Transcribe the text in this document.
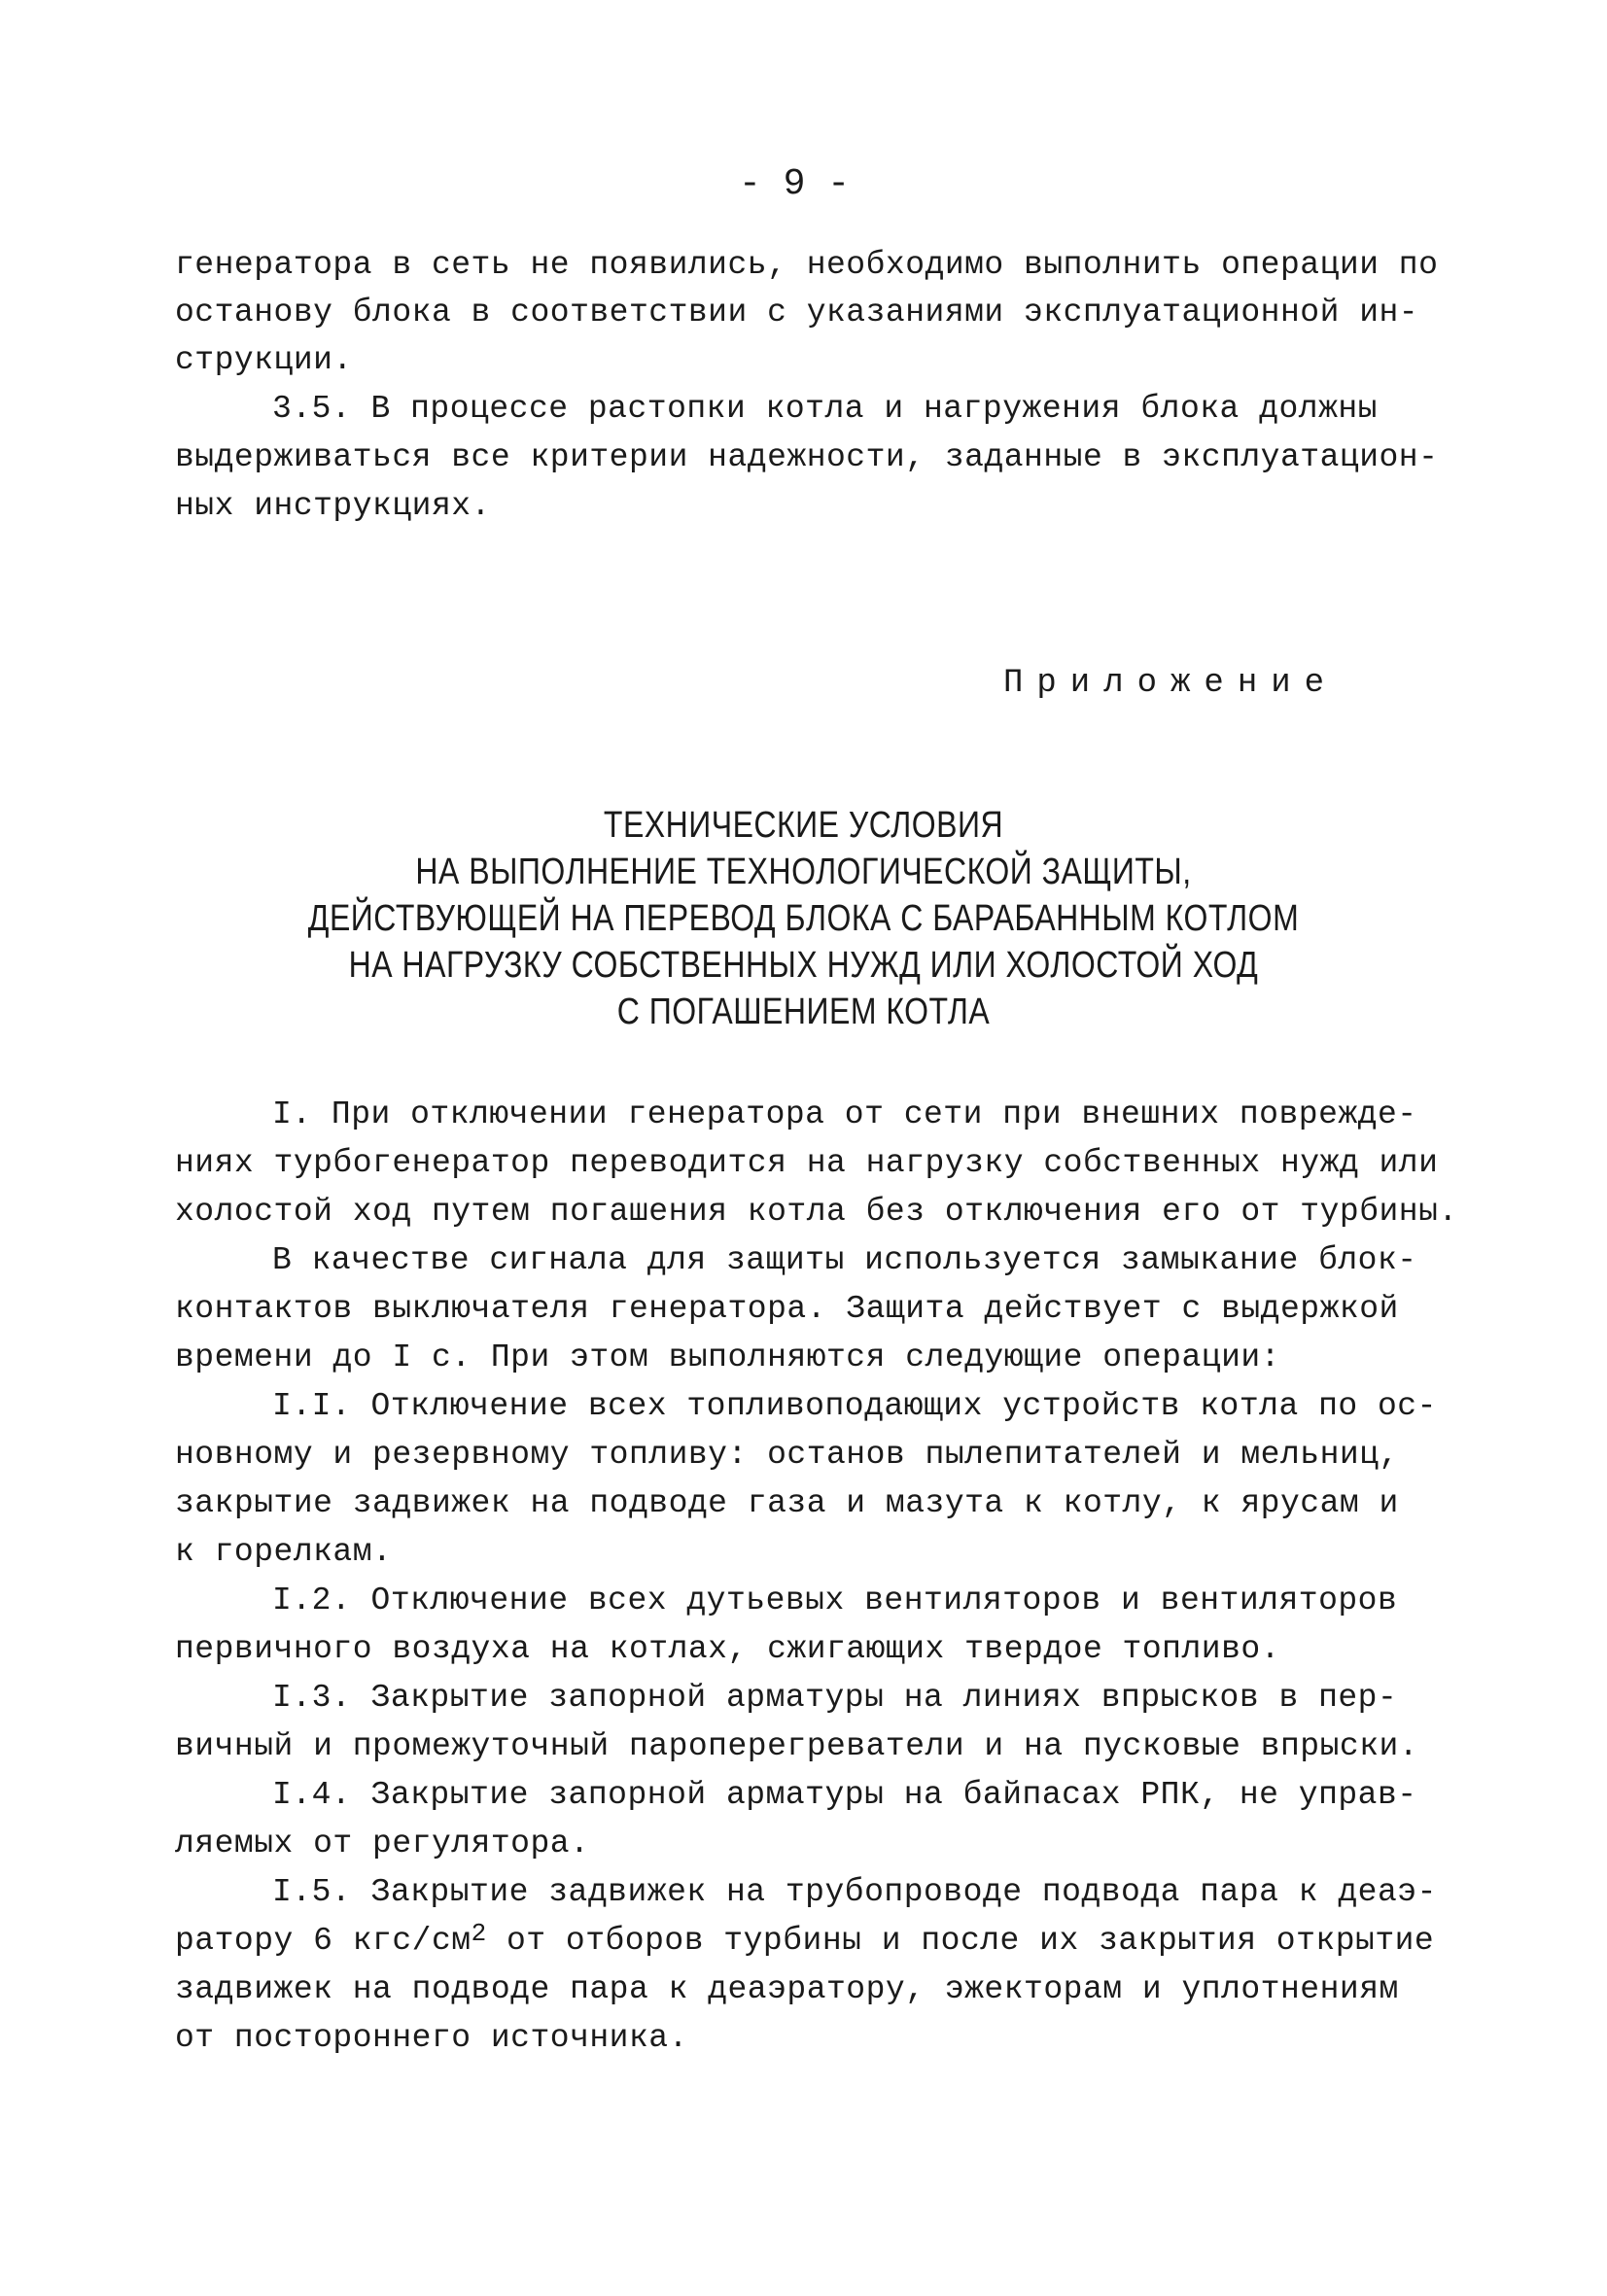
- 9 -
генератора в сеть не появились, необходимо выполнить операции по
останову блока в соответствии с указаниями эксплуатационной ин-
струкции.
3.5. В процессе растопки котла и нагружения блока должны
выдерживаться все критерии надежности, заданные в эксплуатацион-
ных инструкциях.
Приложение
ТЕХНИЧЕСКИЕ УСЛОВИЯ
НА ВЫПОЛНЕНИЕ ТЕХНОЛОГИЧЕСКОЙ ЗАЩИТЫ,
ДЕЙСТВУЮЩЕЙ НА ПЕРЕВОД БЛОКА С БАРАБАННЫМ КОТЛОМ
НА НАГРУЗКУ СОБСТВЕННЫХ НУЖД ИЛИ ХОЛОСТОЙ ХОД
С ПОГАШЕНИЕМ КОТЛА
I. При отключении генератора от сети при внешних поврежде-
ниях турбогенератор переводится на нагрузку собственных нужд или
холостой ход путем погашения котла без отключения его от турбины.
В качестве сигнала для защиты используется замыкание блок-
контактов выключателя генератора. Защита действует с выдержкой
времени до I с. При этом выполняются следующие операции:
I.I. Отключение всех топливоподающих устройств котла по ос-
новному и резервному топливу: останов пылепитателей и мельниц,
закрытие задвижек на подводе газа и мазута к котлу, к ярусам и
к горелкам.
I.2. Отключение всех дутьевых вентиляторов и вентиляторов
первичного воздуха на котлах, сжигающих твердое топливо.
I.3. Закрытие запорной арматуры на линиях впрысков в пер-
вичный и промежуточный пароперегреватели и на пусковые впрыски.
I.4. Закрытие запорной арматуры на байпасах РПК, не управ-
ляемых от регулятора.
I.5. Закрытие задвижек на трубопроводе подвода пара к деаэ-
ратору 6 кгс/$см^2$ от отборов турбины и после их закрытия открытие
задвижек на подводе пара к деаэратору, эжекторам и уплотнениям
от постороннего источника.
